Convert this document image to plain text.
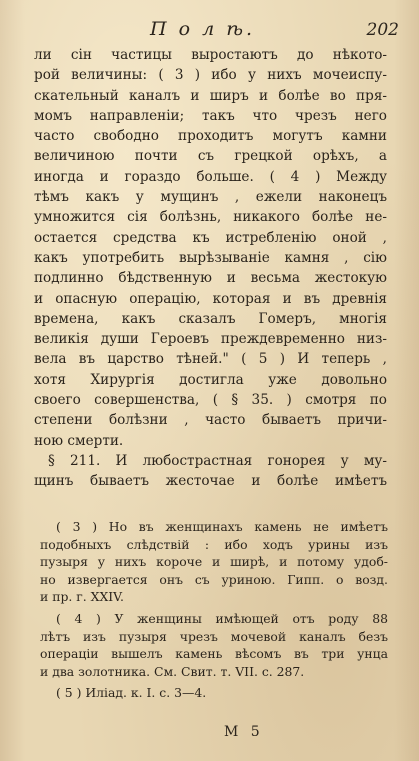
П о л ѣ.	202
ли сін частицы выростаютъ до нѣкото-
рой величины: ( 3 ) ибо у нихъ мочеиспу-
скательный каналъ и ширъ и болѣе во пря-
момъ направленіи; такъ что чрезъ него
часто свободно проходитъ могутъ камни
величиною почти съ грецкой орѣхъ, а
иногда и гораздо больше. ( 4 ) Между
тѣмъ какъ у мущинъ , ежели наконецъ
умножится сія болѣзнь, никакого болѣе не-
остается средства къ истребленію оной ,
какъ употребить вырѣзываніе камня , сію
подлинно бѣдственную и весьма жестокую
и опасную операцію, которая и въ древнія
времена, какъ сказалъ Гомеръ, многія
великія души Героевъ преждевременно низ-
вела въ царство тѣней." ( 5 ) И теперь ,
хотя Хирургія достигла уже довольно
своего совершенства, ( § 35. ) смотря по
степени болѣзни , часто бываетъ причи-
ною смерти.
§ 211. И любострастная гонорея у му-
щинъ бываетъ жесточае и болѣе имѣетъ
( 3 ) Но въ женщинахъ камень не имѣетъ
подобныхъ слѣдствій : ибо ходъ урины изъ
пузыря у нихъ короче и ширѣ, и потому удоб-
но извергается онъ съ уриною. Гипп. о возд.
и пр. г. XXIV.
( 4 ) У женщины имѣющей отъ роду 88
лѣтъ изъ пузыря чрезъ мочевой каналъ безъ
операціи вышелъ камень вѣсомъ въ три унца
и два золотника. См. Свит. т. VII. с. 287.
( 5 ) Иліад. к. I. с. 3—4.
М 5
